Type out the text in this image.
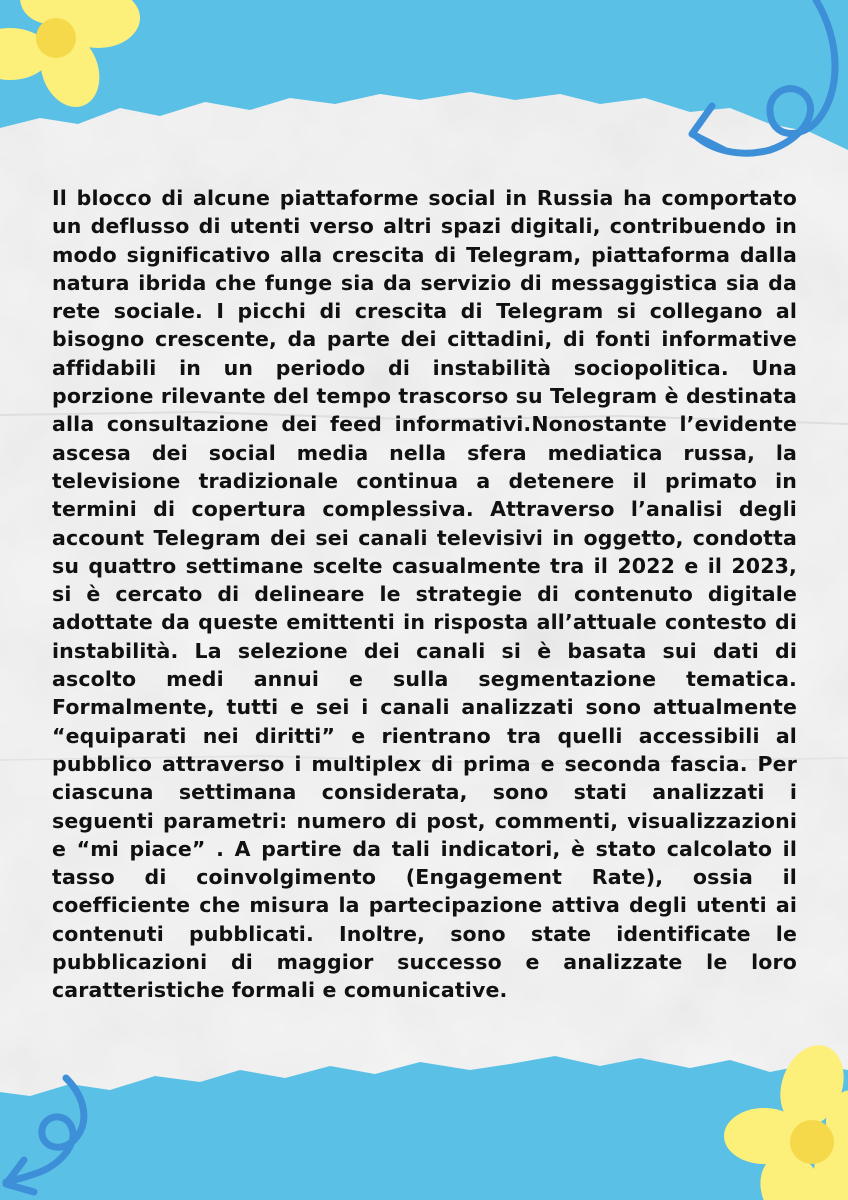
Il blocco di alcune piattaforme social in Russia ha comportato un deflusso di utenti verso altri spazi digitali, contribuendo in modo significativo alla crescita di Telegram, piattaforma dalla natura ibrida che funge sia da servizio di messaggistica sia da rete sociale. I picchi di crescita di Telegram si collegano al bisogno crescente, da parte dei cittadini, di fonti informative affidabili in un periodo di instabilità sociopolitica. Una porzione rilevante del tempo trascorso su Telegram è destinata alla consultazione dei feed informativi.Nonostante l’evidente ascesa dei social media nella sfera mediatica russa, la televisione tradizionale continua a detenere il primato in termini di copertura complessiva. Attraverso l’analisi degli account Telegram dei sei canali televisivi in oggetto, condotta su quattro settimane scelte casualmente tra il 2022 e il 2023, si è cercato di delineare le strategie di contenuto digitale adottate da queste emittenti in risposta all’attuale contesto di instabilità. La selezione dei canali si è basata sui dati di ascolto medi annui e sulla segmentazione tematica. Formalmente, tutti e sei i canali analizzati sono attualmente “equiparati nei diritti” e rientrano tra quelli accessibili al pubblico attraverso i multiplex di prima e seconda fascia. Per ciascuna settimana considerata, sono stati analizzati i seguenti parametri: numero di post, commenti, visualizzazioni e “mi piace” . A partire da tali indicatori, è stato calcolato il tasso di coinvolgimento (Engagement Rate), ossia il coefficiente che misura la partecipazione attiva degli utenti ai contenuti pubblicati. Inoltre, sono state identificate le pubblicazioni di maggior successo e analizzate le loro caratteristiche formali e comunicative.
